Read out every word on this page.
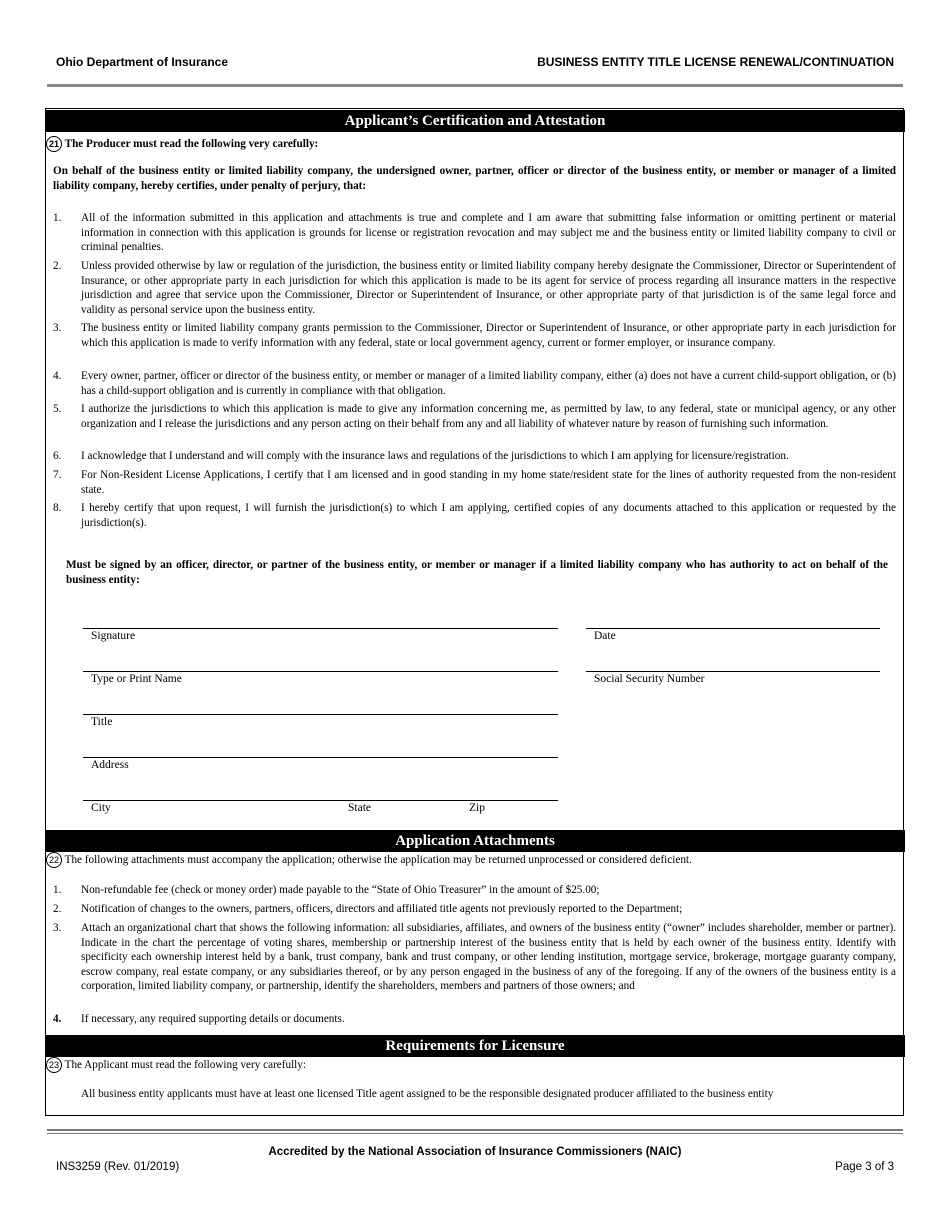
Ohio Department of Insurance	BUSINESS ENTITY TITLE LICENSE RENEWAL/CONTINUATION
Applicant’s Certification and Attestation
21 The Producer must read the following very carefully:
On behalf of the business entity or limited liability company, the undersigned owner, partner, officer or director of the business entity, or member or manager of a limited liability company, hereby certifies, under penalty of perjury, that:
1. All of the information submitted in this application and attachments is true and complete and I am aware that submitting false information or omitting pertinent or material information in connection with this application is grounds for license or registration revocation and may subject me and the business entity or limited liability company to civil or criminal penalties.
2. Unless provided otherwise by law or regulation of the jurisdiction, the business entity or limited liability company hereby designate the Commissioner, Director or Superintendent of Insurance, or other appropriate party in each jurisdiction for which this application is made to be its agent for service of process regarding all insurance matters in the respective jurisdiction and agree that service upon the Commissioner, Director or Superintendent of Insurance, or other appropriate party of that jurisdiction is of the same legal force and validity as personal service upon the business entity.
3. The business entity or limited liability company grants permission to the Commissioner, Director or Superintendent of Insurance, or other appropriate party in each jurisdiction for which this application is made to verify information with any federal, state or local government agency, current or former employer, or insurance company.
4. Every owner, partner, officer or director of the business entity, or member or manager of a limited liability company, either (a) does not have a current child-support obligation, or (b) has a child-support obligation and is currently in compliance with that obligation.
5. I authorize the jurisdictions to which this application is made to give any information concerning me, as permitted by law, to any federal, state or municipal agency, or any other organization and I release the jurisdictions and any person acting on their behalf from any and all liability of whatever nature by reason of furnishing such information.
6. I acknowledge that I understand and will comply with the insurance laws and regulations of the jurisdictions to which I am applying for licensure/registration.
7. For Non-Resident License Applications, I certify that I am licensed and in good standing in my home state/resident state for the lines of authority requested from the non-resident state.
8. I hereby certify that upon request, I will furnish the jurisdiction(s) to which I am applying, certified copies of any documents attached to this application or requested by the jurisdiction(s).
Must be signed by an officer, director, or partner of the business entity, or member or manager if a limited liability company who has authority to act on behalf of the business entity:
Signature	Date
Type or Print Name	Social Security Number
Title
Address
City	State	Zip
Application Attachments
22 The following attachments must accompany the application; otherwise the application may be returned unprocessed or considered deficient.
1. Non-refundable fee (check or money order) made payable to the “State of Ohio Treasurer” in the amount of $25.00;
2. Notification of changes to the owners, partners, officers, directors and affiliated title agents not previously reported to the Department;
3. Attach an organizational chart that shows the following information: all subsidiaries, affiliates, and owners of the business entity (“owner” includes shareholder, member or partner). Indicate in the chart the percentage of voting shares, membership or partnership interest of the business entity that is held by each owner of the business entity. Identify with specificity each ownership interest held by a bank, trust company, bank and trust company, or other lending institution, mortgage service, brokerage, mortgage guaranty company, escrow company, real estate company, or any subsidiaries thereof, or by any person engaged in the business of any of the foregoing. If any of the owners of the business entity is a corporation, limited liability company, or partnership, identify the shareholders, members and partners of those owners; and
4. If necessary, any required supporting details or documents.
Requirements for Licensure
23 The Applicant must read the following very carefully:
All business entity applicants must have at least one licensed Title agent assigned to be the responsible designated producer affiliated to the business entity
Accredited by the National Association of Insurance Commissioners (NAIC)
INS3259 (Rev. 01/2019)	Page 3 of 3
